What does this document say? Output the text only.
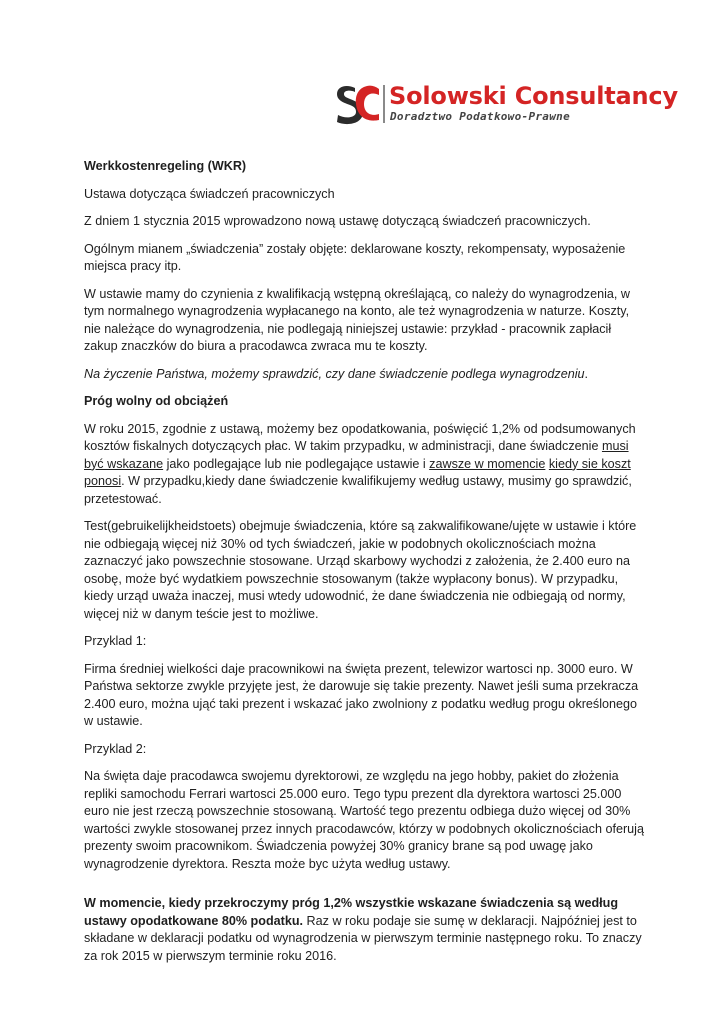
Solowski Consultancy
Doradztwo Podatkowo-Prawne

Werkkostenregeling (WKR)

Ustawa dotycząca świadczeń pracowniczych

Z dniem 1 stycznia 2015 wprowadzono nową ustawę dotyczącą świadczeń pracowniczych.

Ogólnym mianem „świadczenia” zostały objęte: deklarowane koszty, rekompensaty, wyposażenie miejsca pracy itp.

W ustawie mamy do czynienia z kwalifikacją wstępną określającą, co należy do wynagrodzenia, w tym normalnego wynagrodzenia wypłacanego na konto, ale też wynagrodzenia w naturze. Koszty, nie należące do wynagrodzenia, nie podlegają niniejszej ustawie: przykład - pracownik zapłacił zakup znaczków do biura a pracodawca zwraca mu te koszty.

Na życzenie Państwa, możemy sprawdzić, czy dane świadczenie podlega wynagrodzeniu.

Próg wolny od obciążeń

W roku 2015, zgodnie z ustawą, możemy bez opodatkowania, poświęcić 1,2% od podsumowanych kosztów fiskalnych dotyczących płac. W takim przypadku, w administracji, dane świadczenie musi być wskazane jako podlegające lub nie podlegające ustawie i zawsze w momencie kiedy sie koszt ponosi. W przypadku,kiedy dane świadczenie kwalifikujemy według ustawy, musimy go sprawdzić, przetestować.

Test(gebruikelijkheidstoets) obejmuje świadczenia, które są zakwalifikowane/ujęte w ustawie i które nie odbiegają więcej niż 30% od tych świadczeń, jakie w podobnych okolicznościach można zaznaczyć jako powszechnie stosowane. Urząd skarbowy wychodzi z założenia, że 2.400 euro na osobę, może być wydatkiem powszechnie stosowanym (także wypłacony bonus). W przypadku, kiedy urząd uważa inaczej, musi wtedy udowodnić, że dane świadczenia nie odbiegają od normy, więcej niż w danym teście jest to możliwe.

Przyklad 1:

Firma średniej wielkości daje pracownikowi na święta prezent, telewizor wartosci np. 3000 euro. W Państwa sektorze zwykle przyjęte jest, że darowuje się takie prezenty. Nawet jeśli suma przekracza 2.400 euro, można ująć taki prezent i wskazać jako zwolniony z podatku według progu określonego w ustawie.

Przyklad 2:

Na święta daje pracodawca swojemu dyrektorowi, ze względu na jego hobby, pakiet do złożenia repliki samochodu Ferrari wartosci 25.000 euro. Tego typu prezent dla dyrektora wartosci 25.000 euro nie jest rzeczą powszechnie stosowaną. Wartość tego prezentu odbiega dużo więcej od 30% wartości zwykle stosowanej przez innych pracodawców, którzy w podobnych okolicznościach oferują prezenty swoim pracownikom. Świadczenia powyżej 30% granicy brane są pod uwagę jako wynagrodzenie dyrektora. Reszta może byc użyta według ustawy.

W momencie, kiedy przekroczymy próg 1,2% wszystkie wskazane świadczenia są według ustawy opodatkowane 80% podatku. Raz w roku podaje sie sumę w deklaracji. Najpóźniej jest to składane w deklaracji podatku od wynagrodzenia w pierwszym terminie następnego roku. To znaczy za rok 2015 w pierwszym terminie roku 2016.
